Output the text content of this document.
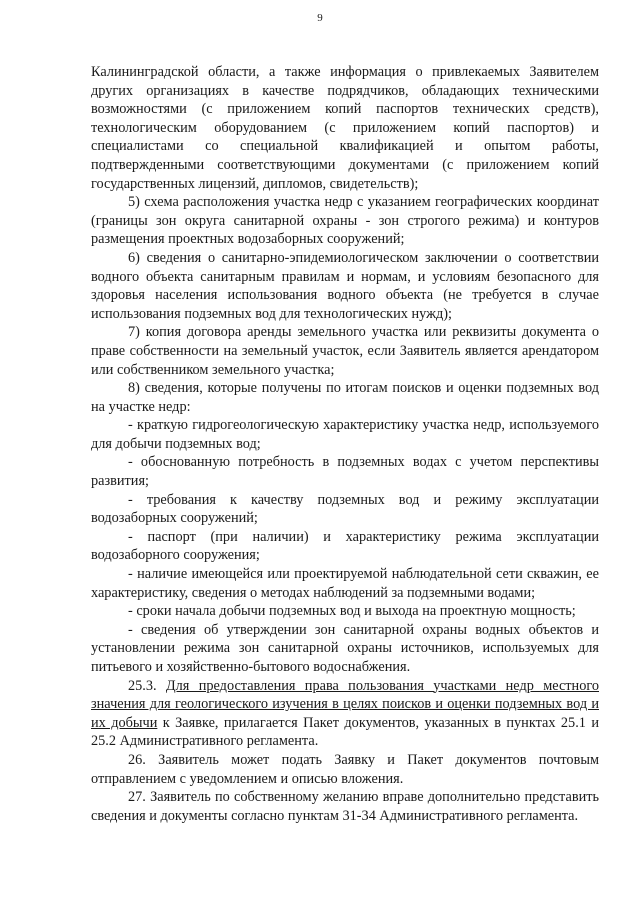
9

Калининградской области, а также информация о привлекаемых Заявителем других организациях в качестве подрядчиков, обладающих техническими возможностями (с приложением копий паспортов технических средств), технологическим оборудованием (с приложением копий паспортов) и специалистами со специальной квалификацией и опытом работы, подтвержденными соответствующими документами (с приложением копий государственных лицензий, дипломов, свидетельств);

5) схема расположения участка недр с указанием географических координат (границы зон округа санитарной охраны - зон строгого режима) и контуров размещения проектных водозаборных сооружений;

6) сведения о санитарно-эпидемиологическом заключении о соответствии водного объекта санитарным правилам и нормам, и условиям безопасного для здоровья населения использования водного объекта (не требуется в случае использования подземных вод для технологических нужд);

7) копия договора аренды земельного участка или реквизиты документа о праве собственности на земельный участок, если Заявитель является арендатором или собственником земельного участка;

8) сведения, которые получены по итогам поисков и оценки подземных вод на участке недр:

- краткую гидрогеологическую характеристику участка недр, используемого для добычи подземных вод;

- обоснованную потребность в подземных водах с учетом перспективы развития;

- требования к качеству подземных вод и режиму эксплуатации водозаборных сооружений;

- паспорт (при наличии) и характеристику режима эксплуатации водозаборного сооружения;

- наличие имеющейся или проектируемой наблюдательной сети скважин, ее характеристику, сведения о методах наблюдений за подземными водами;

- сроки начала добычи подземных вод и выхода на проектную мощность;

- сведения об утверждении зон санитарной охраны водных объектов и установлении режима зон санитарной охраны источников, используемых для питьевого и хозяйственно-бытового водоснабжения.

25.3. Для предоставления права пользования участками недр местного значения для геологического изучения в целях поисков и оценки подземных вод и их добычи к Заявке, прилагается Пакет документов, указанных в пунктах 25.1 и 25.2 Административного регламента.

26. Заявитель может подать Заявку и Пакет документов почтовым отправлением с уведомлением и описью вложения.

27. Заявитель по собственному желанию вправе дополнительно представить сведения и документы согласно пунктам 31-34 Административного регламента.
